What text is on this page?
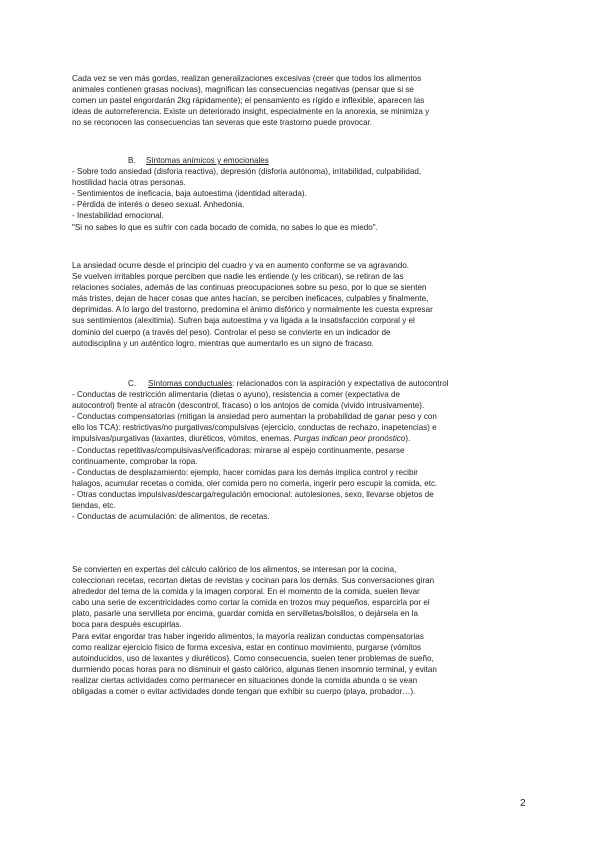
Cada vez se ven más gordas, realizan generalizaciones excesivas (creer que todos los alimentos
animales contienen grasas nocivas), magnifican las consecuencias negativas (pensar que si se
comen un pastel engordarán 2kg rápidamente); el pensamiento es rígido e inflexible, aparecen las
ideas de autorreferencia. Existe un deteriorado insight, especialmente en la anorexia, se minimiza y
no se reconocen las consecuencias tan severas que este trastorno puede provocar.
B. Síntomas anímicos y emocionales
- Sobre todo ansiedad (disforia reactiva), depresión (disforia autónoma), irritabilidad, culpabilidad,
hostilidad hacia otras personas.
- Sentimientos de ineficacia, baja autoestima (identidad alterada).
- Pérdida de interés o deseo sexual. Anhedonia.
- Inestabilidad emocional.
"Si no sabes lo que es sufrir con cada bocado de comida, no sabes lo que es miedo".
La ansiedad ocurre desde el principio del cuadro y va en aumento conforme se va agravando.
Se vuelven irritables porque perciben que nadie les entiende (y les critican), se retiran de las
relaciones sociales, además de las continuas preocupaciones sobre su peso, por lo que se sienten
más tristes, dejan de hacer cosas que antes hacían, se perciben ineficaces, culpables y finalmente,
deprimidas. A lo largo del trastorno, predomina el ánimo disfórico y normalmente les cuesta expresar
sus sentimientos (alexitimia). Sufren baja autoestima y va ligada a la insatisfacción corporal y el
dominio del cuerpo (a través del peso). Controlar el peso se convierte en un indicador de
autodisciplina y un auténtico logro, mientras que aumentarlo es un signo de fracaso.
C. Síntomas conductuales: relacionados con la aspiración y expectativa de autocontrol
- Conductas de restricción alimentaria (dietas o ayuno), resistencia a comer (expectativa de
autocontrol) frente al atracón (descontrol, fracaso) o los antojos de comida (vivido intrusivamente).
- Conductas compensatorias (mitigan la ansiedad pero aumentan la probabilidad de ganar peso y con
ello los TCA): restrictivas/no purgativas/compulsivas (ejercicio, conductas de rechazo, inapetencias) e
impulsivas/purgativas (laxantes, diuréticos, vómitos, enemas. Purgas indican peor pronóstico).
- Conductas repetitivas/compulsivas/verificadoras: mirarse al espejo continuamente, pesarse
continuamente, comprobar la ropa.
- Conductas de desplazamiento: ejemplo, hacer comidas para los demás implica control y recibir
halagos, acumular recetas o comida, oler comida pero no comerla, ingerir pero escupir la comida, etc.
- Otras conductas impulsivas/descarga/regulación emocional: autolesiones, sexo, llevarse objetos de
tiendas, etc.
- Conductas de acumulación: de alimentos, de recetas.
Se convierten en expertas del cálculo calórico de los alimentos, se interesan por la cocina,
coleccionan recetas, recortan dietas de revistas y cocinan para los demás. Sus conversaciones giran
alrededor del tema de la comida y la imagen corporal. En el momento de la comida, suelen llevar
cabo una serie de excentricidades como cortar la comida en trozos muy pequeños, esparcirla por el
plato, pasarle una servilleta por encima, guardar comida en servilletas/bolsillos, o dejársela en la
boca para después escupirlas.
Para evitar engordar tras haber ingerido alimentos, la mayoría realizan conductas compensatorias
como realizar ejercicio físico de forma excesiva, estar en continuo movimiento, purgarse (vómitos
autoinducidos, uso de laxantes y diuréticos). Como consecuencia, suelen tener problemas de sueño,
durmiendo pocas horas para no disminuir el gasto calórico, algunas tienen insomnio terminal, y evitan
realizar ciertas actividades como permanecer en situaciones donde la comida abunda o se vean
obligadas a comer o evitar actividades donde tengan que exhibir su cuerpo (playa, probador…).
2
